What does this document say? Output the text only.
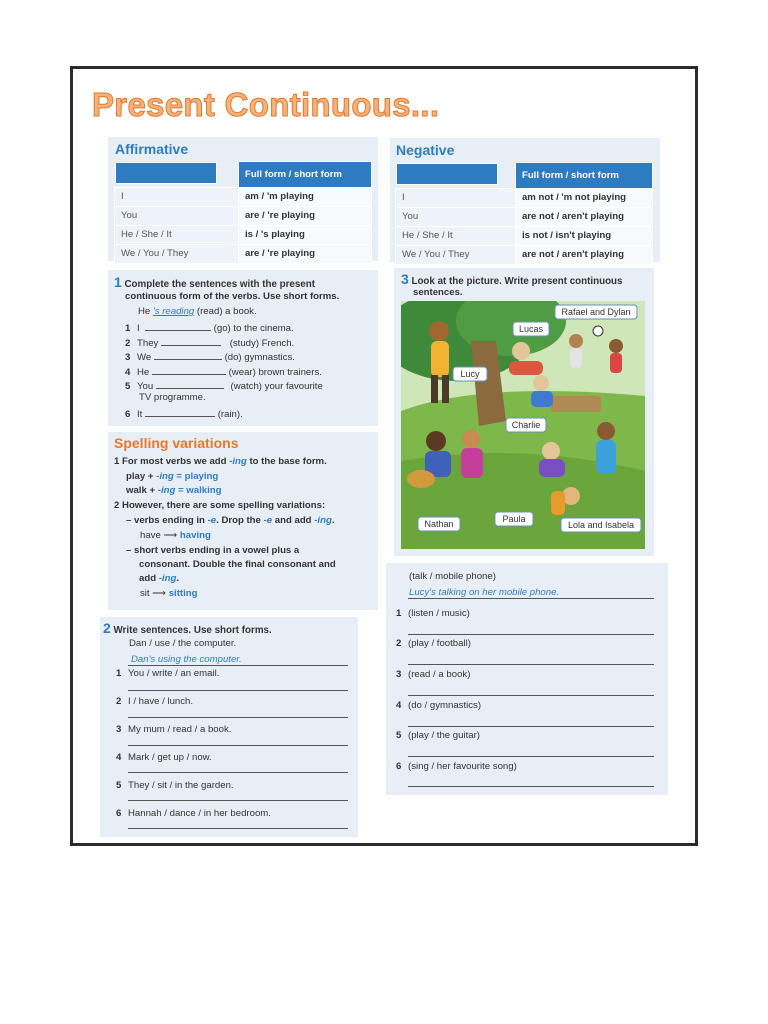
Present Continuous...
Affirmative
Full form / short form
I	am / 'm playing
You	are / 're playing
He / She / It	is / 's playing
We / You / They	are / 're playing
Negative
Full form / short form
I	am not / 'm not playing
You	are not / aren't playing
He / She / It	is not / isn't playing
We / You / They	are not / aren't playing
1 Complete the sentences with the present
continuous form of the verbs. Use short forms.
He 's reading (read) a book.
1 I	(go) to the cinema.
2 They	(study) French.
3 We	(do) gymnastics.
4 He	(wear) brown trainers.
5 You	(watch) your favourite
TV programme.
6 It	(rain).
Spelling variations
1 For most verbs we add -ing to the base form.
play + -ing = playing
walk + -ing = walking
2 However, there are some spelling variations:
– verbs ending in -e. Drop the -e and add -ing.
have ⟶ having
– short verbs ending in a vowel plus a
consonant. Double the final consonant and
add -ing.
sit ⟶ sitting
2 Write sentences. Use short forms.
Dan / use / the computer.
Dan's using the computer.
1 You / write / an email.
2 I / have / lunch.
3 My mum / read / a book.
4 Mark / get up / now.
5 They / sit / in the garden.
6 Hannah / dance / in her bedroom.
3 Look at the picture. Write present continuous
sentences.
Rafael and Dylan
Lucas
Lucy
Charlie
Nathan	Paula
Lola and Isabela
(talk / mobile phone)
Lucy's talking on her mobile phone.
1 (listen / music)
2 (play / football)
3 (read / a book)
4 (do / gymnastics)
5 (play / the guitar)
6 (sing / her favourite song)
